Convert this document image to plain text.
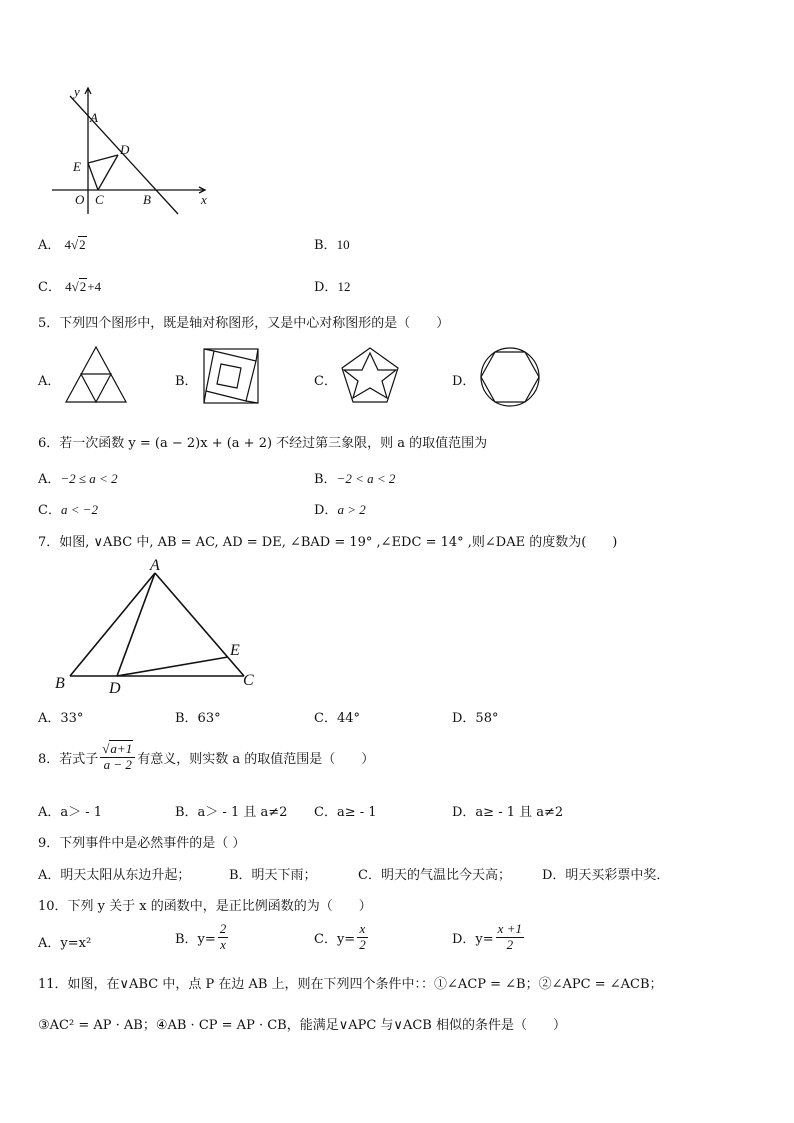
y
A
D
E
O C	B	x
A． 4√2	B．10
C． 4√2+4	D．12
5．下列四个图形中，既是轴对称图形，又是中心对称图形的是（　　）
A．	B．	C．	D．
6．若一次函数 y = (a − 2)x + (a + 2) 不经过第三象限，则 a 的取值范围为
A．−2 ≤ a < 2	B．−2 < a < 2
C．a < −2	D．a > 2
7．如图, ∨ABC 中, AB = AC, AD = DE, ∠BAD = 19° ,∠EDC = 14° ,则∠DAE 的度数为(　　)
A
E
B	D	C
A．33°	B．63°	C．44°	D．58°
8．若式子 $\frac{√a+1}{a - 2}$ 有意义，则实数 a 的取值范围是（　　）
A．a＞ - 1	B．a＞ - 1 且 a≠2 C．a≥ - 1	D．a≥ - 1 且 a≠2
9．下列事件中是必然事件的是（ ）
A．明天太阳从东边升起；	B．明天下雨；	C．明天的气温比今天高； D．明天买彩票中奖．
10．下列 y 关于 x 的函数中，是正比例函数的为（　　）
A．y=x²	B．$y= \frac{2}{x}$	C．$y= \frac{x}{2}$	D．$y= \frac{x +1}{2}$
11．如图，在∨ABC 中，点 P 在边 AB 上，则在下列四个条件中：：①∠ACP = ∠B；②∠APC = ∠ACB；
③AC² = AP · AB；④AB · CP = AP · CB，能满足∨APC 与∨ACB 相似的条件是（　　）
